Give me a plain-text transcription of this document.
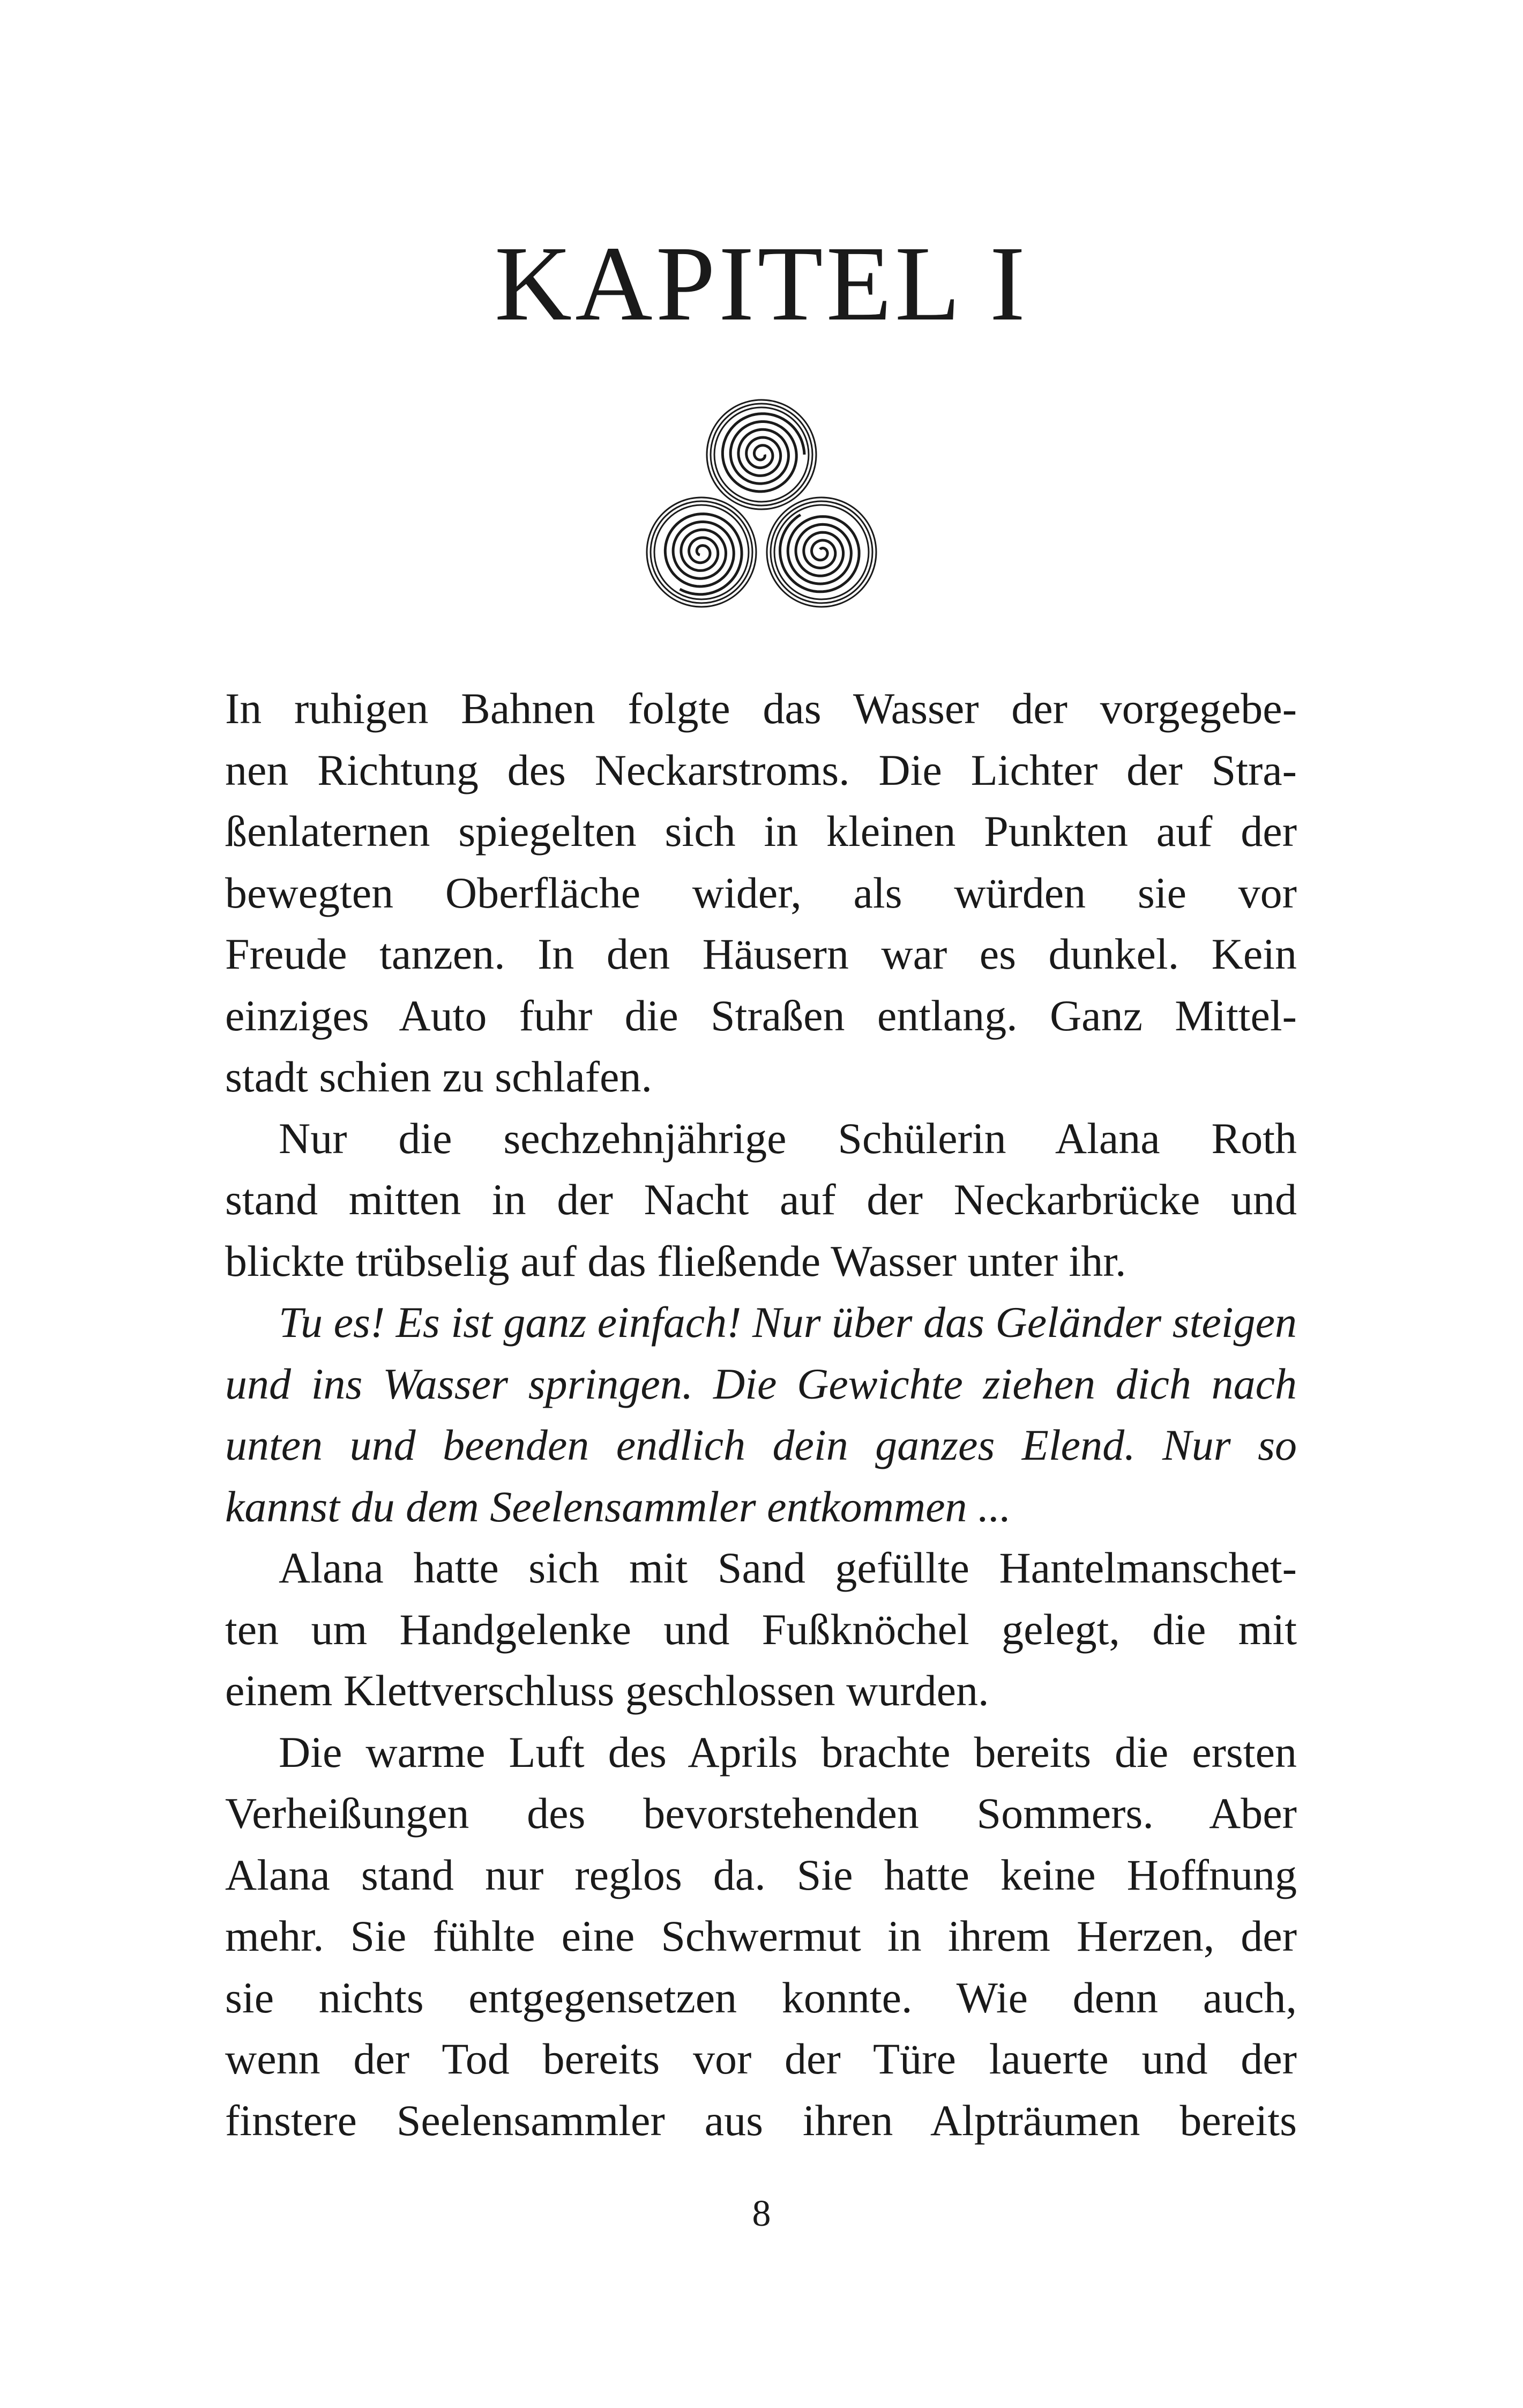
KAPITEL I
In ruhigen Bahnen folgte das Wasser der vorgegebe-
nen Richtung des Neckarstroms. Die Lichter der Stra-
ßenlaternen spiegelten sich in kleinen Punkten auf der
bewegten Oberfläche wider, als würden sie vor
Freude tanzen. In den Häusern war es dunkel. Kein
einziges Auto fuhr die Straßen entlang. Ganz Mittel-
stadt schien zu schlafen.
Nur die sechzehnjährige Schülerin Alana Roth
stand mitten in der Nacht auf der Neckarbrücke und
blickte trübselig auf das fließende Wasser unter ihr.
Tu es! Es ist ganz einfach! Nur über das Geländer steigen
und ins Wasser springen. Die Gewichte ziehen dich nach
unten und beenden endlich dein ganzes Elend. Nur so
kannst du dem Seelensammler entkommen ...
Alana hatte sich mit Sand gefüllte Hantelmanschet-
ten um Handgelenke und Fußknöchel gelegt, die mit
einem Klettverschluss geschlossen wurden.
Die warme Luft des Aprils brachte bereits die ersten
Verheißungen des bevorstehenden Sommers. Aber
Alana stand nur reglos da. Sie hatte keine Hoffnung
mehr. Sie fühlte eine Schwermut in ihrem Herzen, der
sie nichts entgegensetzen konnte. Wie denn auch,
wenn der Tod bereits vor der Türe lauerte und der
finstere Seelensammler aus ihren Alpträumen bereits
8
